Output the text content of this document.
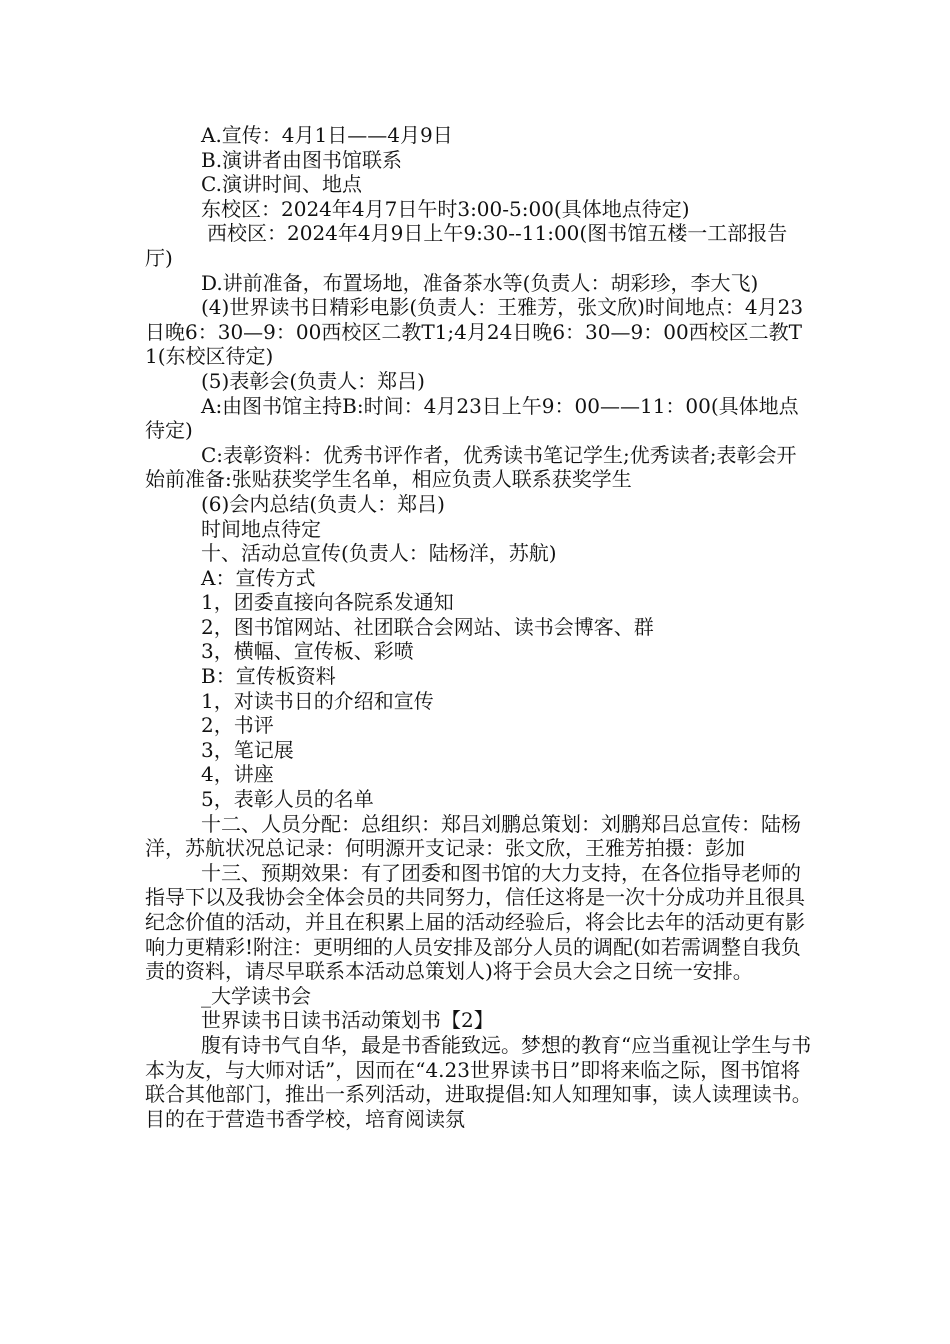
A.宣传：4月1日——4月9日

B.演讲者由图书馆联系

C.演讲时间、地点

东校区：2024年4月7日午时3:00-5:00(具体地点待定)

西校区：2024年4月9日上午9:30--11:00(图书馆五楼一工部报告厅)

D.讲前准备，布置场地，准备茶水等(负责人：胡彩珍，李大飞)

(4)世界读书日精彩电影(负责人：王雅芳，张文欣)时间地点：4月23日晚6：30—9：00西校区二教T1;4月24日晚6：30—9：00西校区二教T1(东校区待定)

(5)表彰会(负责人：郑吕)

A:由图书馆主持B:时间：4月23日上午9：00——11：00(具体地点待定)

C:表彰资料：优秀书评作者，优秀读书笔记学生;优秀读者;表彰会开始前准备:张贴获奖学生名单，相应负责人联系获奖学生

(6)会内总结(负责人：郑吕)

时间地点待定

十、活动总宣传(负责人：陆杨洋，苏航)

A：宣传方式

1，团委直接向各院系发通知

2，图书馆网站、社团联合会网站、读书会博客、群

3，横幅、宣传板、彩喷

B：宣传板资料

1，对读书日的介绍和宣传

2，书评

3，笔记展

4，讲座

5，表彰人员的名单

十二、人员分配：总组织：郑吕刘鹏总策划：刘鹏郑吕总宣传：陆杨洋，苏航状况总记录：何明源开支记录：张文欣，王雅芳拍摄：彭加

十三、预期效果：有了团委和图书馆的大力支持，在各位指导老师的指导下以及我协会全体会员的共同努力，信任这将是一次十分成功并且很具纪念价值的活动，并且在积累上届的活动经验后，将会比去年的活动更有影响力更精彩!附注：更明细的人员安排及部分人员的调配(如若需调整自我负责的资料，请尽早联系本活动总策划人)将于会员大会之日统一安排。

_大学读书会

世界读书日读书活动策划书【2】

腹有诗书气自华，最是书香能致远。梦想的教育“应当重视让学生与书本为友，与大师对话”，因而在“4.23世界读书日”即将来临之际，图书馆将联合其他部门，推出一系列活动，进取提倡:知人知理知事，读人读理读书。目的在于营造书香学校，培育阅读氛
